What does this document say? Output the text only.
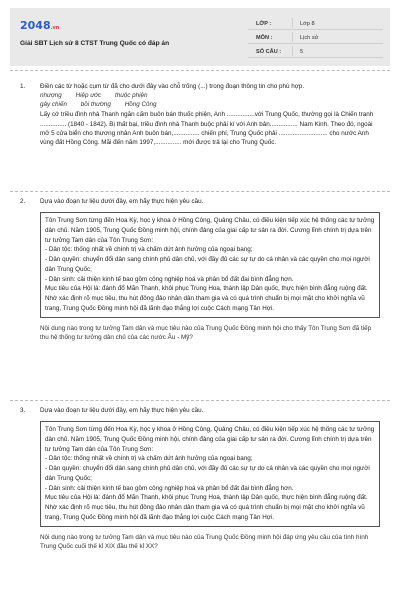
2048.vn
Giải SBT Lịch sử 8 CTST Trung Quốc có đáp án
LỚP :	Lớp 8
MÔN :	Lịch sử
SỐ CÂU :	5
1.	Điền các từ hoặc cụm từ đã cho dưới đây vào chỗ trống (...) trong đoạn thông tin cho phù hợp.
nhượng Hiệp ước thuộc phiện
gây chiến bồi thường Hồng Công
Lấy cớ triều đình nhà Thanh ngăn cấm buôn bán thuốc phiện, Anh ................với Trung Quốc, thường gọi là Chiến tranh ............... (1840 - 1842). Bị thất bại, triều đình nhà Thanh buộc phải kí với Anh bản................ Nam Kinh. Theo đó, ngoài mở 5 cửa biển cho thương nhân Anh buôn bán,............... chiến phí, Trung Quốc phải ............................ cho nước Anh vùng đất Hồng Công. Mãi đến năm 1997,............... mới được trả lại cho Trung Quốc.
2.	Dựa vào đoạn tư liệu dưới đây, em hãy thực hiện yêu cầu.
Tôn Trung Sơn từng đến Hoa Kỳ, học y khoa ở Hồng Công, Quảng Châu, có điều kiện tiếp xúc hệ thống các tư tưởng dân chủ. Năm 1905, Trung Quốc Đồng minh hội, chính đảng của giai cấp tư sản ra đời. Cương lĩnh chính trị dựa trên tư tưởng Tam dân của Tôn Trung Sơn:
- Dân tộc: thống nhất về chính trị và chấm dứt ảnh hưởng của ngoại bang;
- Dân quyền: chuyển đổi dân sang chính phủ dân chủ, với đầy đủ các sự tự do cá nhân và các quyền cho mọi người dân Trung Quốc;
- Dân sinh: cải thiện kinh tế bao gồm công nghiệp hoá và phân bổ đất đai bình đẳng hơn.
Mục tiêu của Hội là: đánh đổ Mãn Thanh, khôi phục Trung Hoa, thành lập Dân quốc, thực hiện bình đẳng ruộng đất.
Nhờ xác định rõ mục tiêu, thu hút đông đảo nhân dân tham gia và có quá trình chuẩn bị mọi mặt cho khởi nghĩa vũ trang, Trung Quốc Đồng minh hội đã lãnh đạo thắng lợi cuộc Cách mạng Tân Hợi.
Nội dung nào trong tư tưởng Tam dân và mục tiêu nào của Trung Quốc Đồng minh hội cho thấy Tôn Trung Sơn đã tiếp thu hệ thống tư tưởng dân chủ của các nước Âu - Mỹ?
3.	Dựa vào đoạn tư liệu dưới đây, em hãy thực hiện yêu cầu.
Tôn Trung Sơn từng đến Hoa Kỳ, học y khoa ở Hồng Công, Quảng Châu, có điều kiện tiếp xúc hệ thống các tư tưởng dân chủ. Năm 1905, Trung Quốc Đồng minh hội, chính đảng của giai cấp tư sản ra đời. Cương lĩnh chính trị dựa trên tư tưởng Tam dân của Tôn Trung Sơn:
- Dân tộc: thống nhất về chính trị và chấm dứt ảnh hưởng của ngoại bang;
- Dân quyền: chuyển đổi dân sang chính phủ dân chủ, với đầy đủ các sự tự do cá nhân và các quyền cho mọi người dân Trung Quốc;
- Dân sinh: cải thiện kinh tế bao gồm công nghiệp hoá và phân bổ đất đai bình đẳng hơn.
Mục tiêu của Hội là: đánh đổ Mãn Thanh, khôi phục Trung Hoa, thành lập Dân quốc, thực hiện bình đẳng ruộng đất.
Nhờ xác định rõ mục tiêu, thu hút đông đảo nhân dân tham gia và có quá trình chuẩn bị mọi mặt cho khởi nghĩa vũ trang, Trung Quốc Đồng minh hội đã lãnh đạo thắng lợi cuộc Cách mạng Tân Hợi.
Nội dung nào trong tư tưởng Tam dân và mục tiêu nào của Trung Quốc Đồng minh hội đáp ứng yêu cầu của tình hình Trung Quốc cuối thế kỉ XIX đầu thế kỉ XX?
